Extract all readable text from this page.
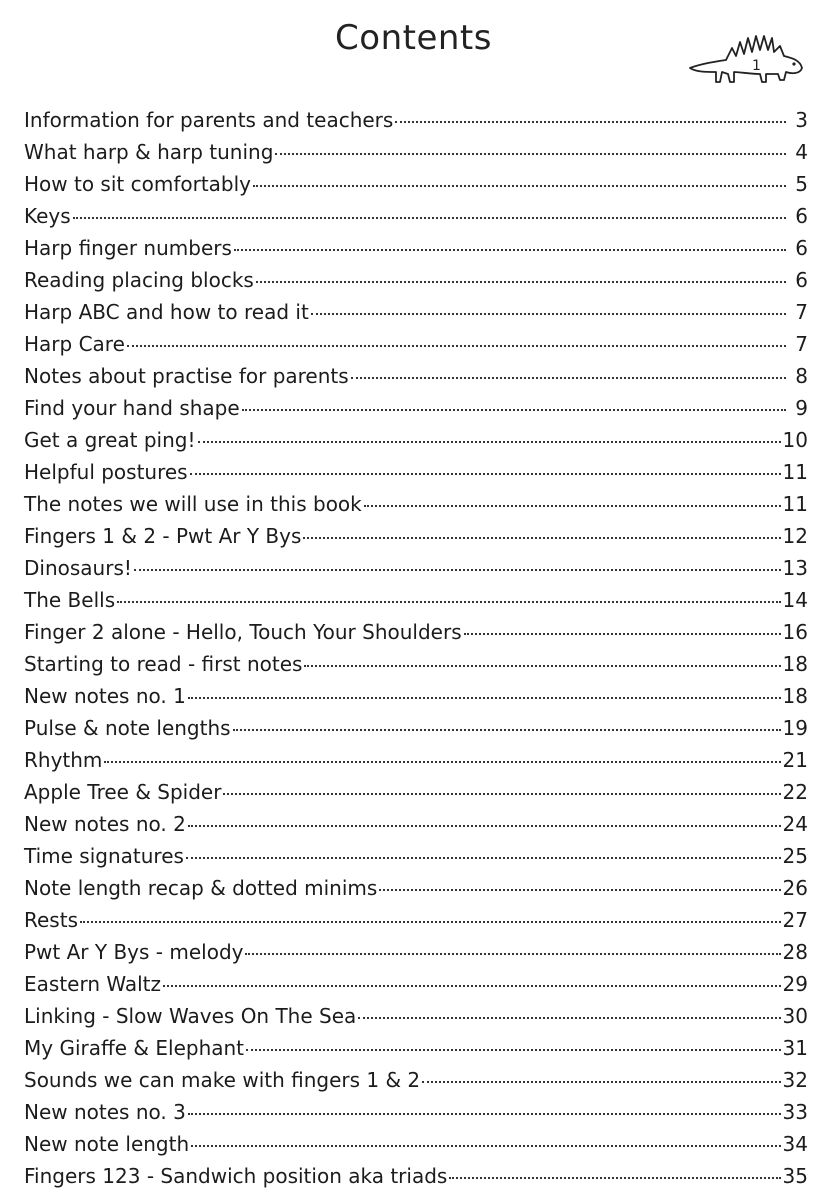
Contents
1
Information for parents and teachers	3
What harp & harp tuning	4
How to sit comfortably	5
Keys	6
Harp finger numbers	6
Reading placing blocks	6
Harp ABC and how to read it	7
Harp Care	7
Notes about practise for parents	8
Find your hand shape	9
Get a great ping!	10
Helpful postures	11
The notes we will use in this book	11
Fingers 1 & 2 - Pwt Ar Y Bys	12
Dinosaurs!	13
The Bells	14
Finger 2 alone - Hello, Touch Your Shoulders	16
Starting to read - first notes	18
New notes no. 1	18
Pulse & note lengths	19
Rhythm	21
Apple Tree & Spider	22
New notes no. 2	24
Time signatures	25
Note length recap & dotted minims	26
Rests	27
Pwt Ar Y Bys - melody	28
Eastern Waltz	29
Linking - Slow Waves On The Sea	30
My Giraffe & Elephant	31
Sounds we can make with fingers 1 & 2	32
New notes no. 3	33
New note length	34
Fingers 123 - Sandwich position aka triads	35
